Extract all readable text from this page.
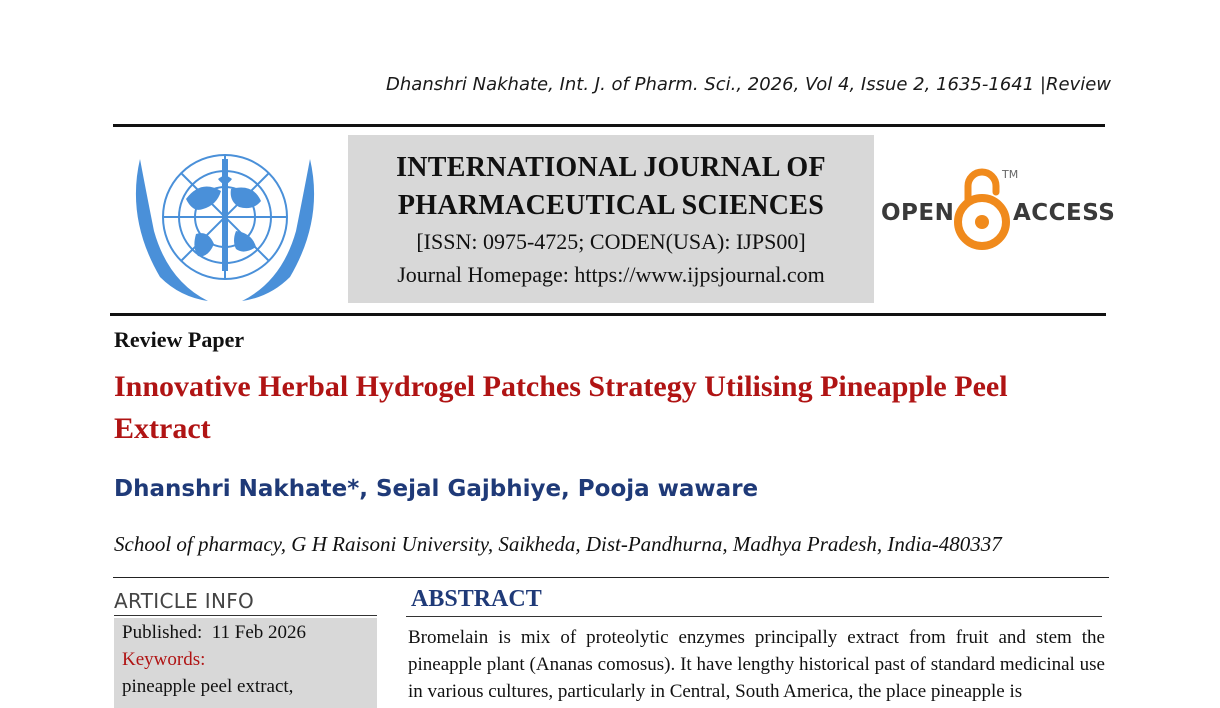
Dhanshri Nakhate, Int. J. of Pharm. Sci., 2026, Vol 4, Issue 2, 1635-1641 |Review
INTERNATIONAL JOURNAL OF
PHARMACEUTICAL SCIENCES
[ISSN: 0975-4725; CODEN(USA): IJPS00]
Journal Homepage: https://www.ijpsjournal.com
OPEN
TM
ACCESS
Review Paper
Innovative Herbal Hydrogel Patches Strategy Utilising Pineapple Peel Extract
Dhanshri Nakhate*, Sejal Gajbhiye, Pooja waware
School of pharmacy, G H Raisoni University, Saikheda, Dist-Pandhurna, Madhya Pradesh, India-480337
ARTICLE INFO
Published:  11 Feb 2026
Keywords:
pineapple peel extract,
ABSTRACT
Bromelain is mix of proteolytic enzymes principally extract from fruit and stem the pineapple plant (Ananas comosus). It have lengthy historical past of standard medicinal use in various cultures, particularly in Central, South America, the place pineapple is
